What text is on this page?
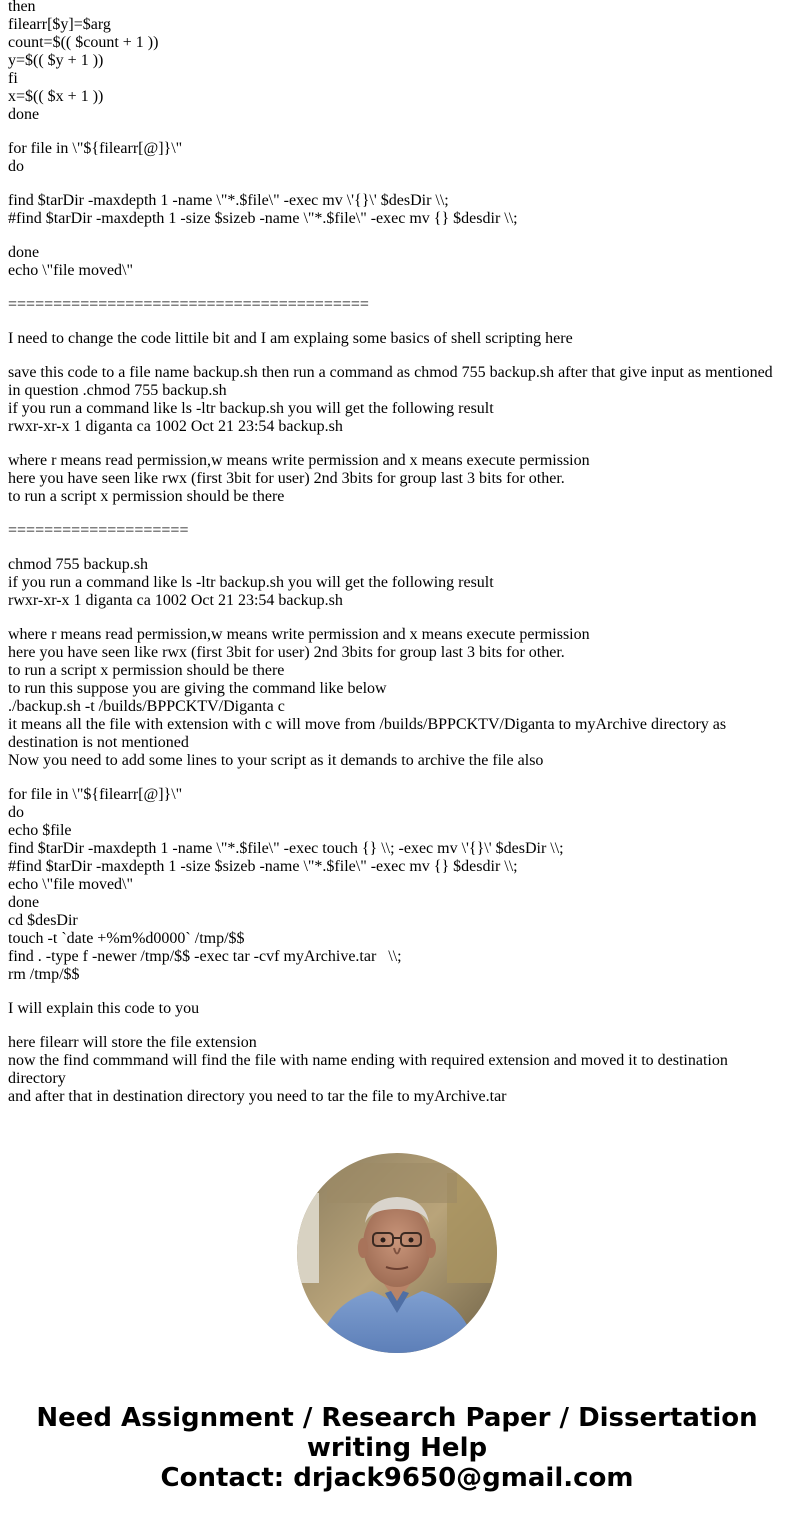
then
filearr[$y]=$arg
count=$(( $count + 1 ))
y=$(( $y + 1 ))
fi
x=$(( $x + 1 ))
done
for file in \"${filearr[@]}\"
do
find $tarDir -maxdepth 1 -name \"*.$file\" -exec mv \'{}\' $desDir \\;
#find $tarDir -maxdepth 1 -size $sizeb -name \"*.$file\" -exec mv {} $desdir \\;
done
echo \"file moved\"
========================================
I need to change the code littile bit and I am explaing some basics of shell scripting here
save this code to a file name backup.sh then run a command as chmod 755 backup.sh after that give input as mentioned in question .chmod 755 backup.sh
if you run a command like ls -ltr backup.sh you will get the following result
rwxr-xr-x 1 diganta ca 1002 Oct 21 23:54 backup.sh
where r means read permission,w means write permission and x means execute permission
here you have seen like rwx (first 3bit for user) 2nd 3bits for group last 3 bits for other.
to run a script x permission should be there
====================
chmod 755 backup.sh
if you run a command like ls -ltr backup.sh you will get the following result
rwxr-xr-x 1 diganta ca 1002 Oct 21 23:54 backup.sh
where r means read permission,w means write permission and x means execute permission
here you have seen like rwx (first 3bit for user) 2nd 3bits for group last 3 bits for other.
to run a script x permission should be there
to run this suppose you are giving the command like below
./backup.sh -t /builds/BPPCKTV/Diganta c
it means all the file with extension with c will move from /builds/BPPCKTV/Diganta to myArchive directory as destination is not mentioned
Now you need to add some lines to your script as it demands to archive the file also
for file in \"${filearr[@]}\"
do
echo $file
find $tarDir -maxdepth 1 -name \"*.$file\" -exec touch {} \\; -exec mv \'{}\' $desDir \\;
#find $tarDir -maxdepth 1 -size $sizeb -name \"*.$file\" -exec mv {} $desdir \\;
echo \"file moved\"
done
cd $desDir
touch -t `date +%m%d0000` /tmp/$$
find . -type f -newer /tmp/$$ -exec tar -cvf myArchive.tar   \\;
rm /tmp/$$
I will explain this code to you
here filearr will store the file extension
now the find commmand will find the file with name ending with required extension and moved it to destination directory
and after that in destination directory you need to tar the file to myArchive.tar
Need Assignment / Research Paper / Dissertation
writing Help
Contact: drjack9650@gmail.com
